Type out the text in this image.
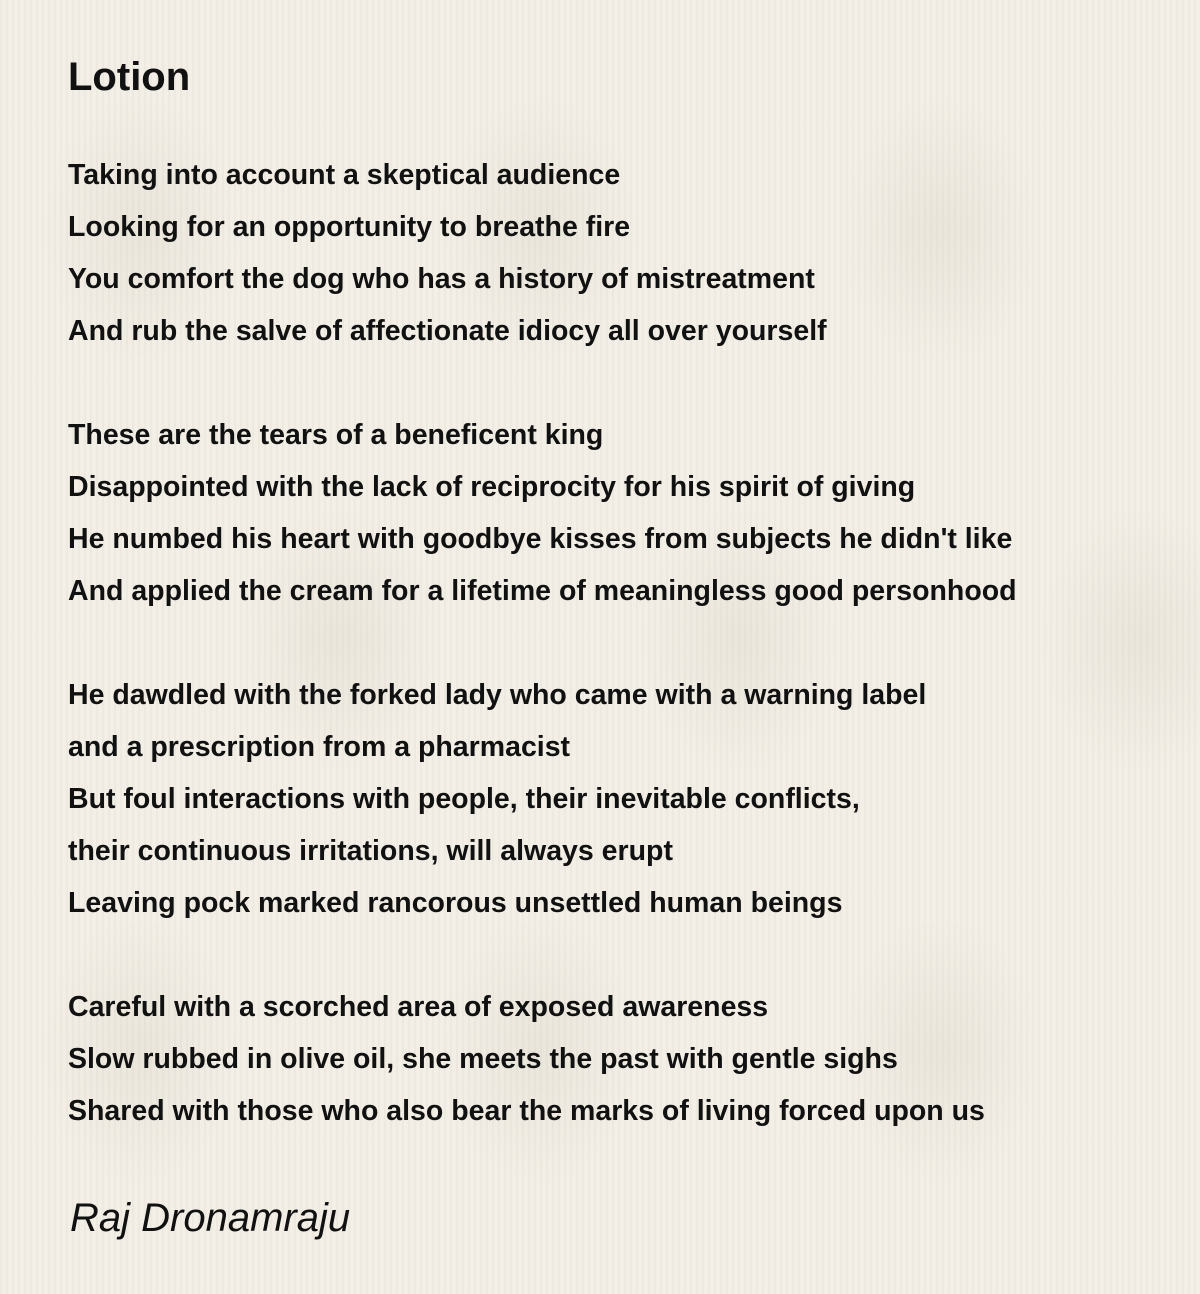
Lotion
Taking into account a skeptical audience
Looking for an opportunity to breathe fire
You comfort the dog who has a history of mistreatment
And rub the salve of affectionate idiocy all over yourself
These are the tears of a beneficent king
Disappointed with the lack of reciprocity for his spirit of giving
He numbed his heart with goodbye kisses from subjects he didn't like
And applied the cream for a lifetime of meaningless good personhood
He dawdled with the forked lady who came with a warning label
and a prescription from a pharmacist
But foul interactions with people, their inevitable conflicts,
their continuous irritations, will always erupt
Leaving pock marked rancorous unsettled human beings
Careful with a scorched area of exposed awareness
Slow rubbed in olive oil, she meets the past with gentle sighs
Shared with those who also bear the marks of living forced upon us
Raj Dronamraju
